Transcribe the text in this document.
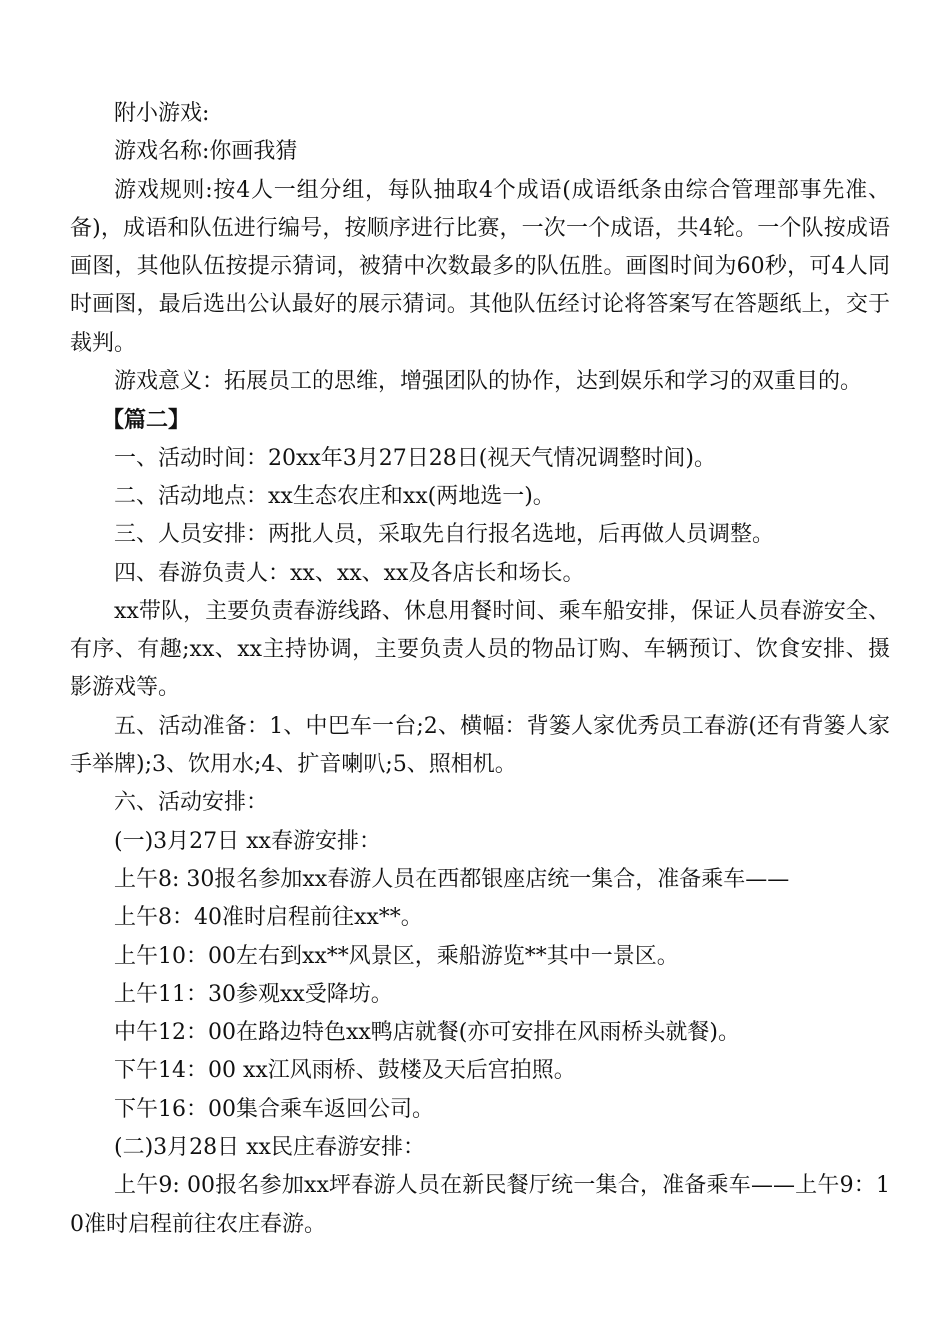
附小游戏:

游戏名称:你画我猜

游戏规则:按4人一组分组，每队抽取4个成语(成语纸条由综合管理部事先准、备)，成语和队伍进行编号，按顺序进行比赛，一次一个成语，共4轮。一个队按成语画图，其他队伍按提示猜词，被猜中次数最多的队伍胜。画图时间为60秒，可4人同时画图，最后选出公认最好的展示猜词。其他队伍经讨论将答案写在答题纸上，交于裁判。

游戏意义：拓展员工的思维，增强团队的协作，达到娱乐和学习的双重目的。

【篇二】

一、活动时间：20xx年3月27日28日(视天气情况调整时间)。

二、活动地点：xx生态农庄和xx(两地选一)。

三、人员安排：两批人员，采取先自行报名选地，后再做人员调整。

四、春游负责人：xx、xx、xx及各店长和场长。

xx带队，主要负责春游线路、休息用餐时间、乘车船安排，保证人员春游安全、有序、有趣;xx、xx主持协调，主要负责人员的物品订购、车辆预订、饮食安排、摄影游戏等。

五、活动准备：1、中巴车一台;2、横幅：背篓人家优秀员工春游(还有背篓人家手举牌);3、饮用水;4、扩音喇叭;5、照相机。

六、活动安排：

(一)3月27日 xx春游安排：

上午8: 30报名参加xx春游人员在西都银座店统一集合，准备乘车——

上午8：40准时启程前往xx**。

上午10：00左右到xx**风景区，乘船游览**其中一景区。

上午11：30参观xx受降坊。

中午12：00在路边特色xx鸭店就餐(亦可安排在风雨桥头就餐)。

下午14：00 xx江风雨桥、鼓楼及天后宫拍照。

下午16：00集合乘车返回公司。

(二)3月28日 xx民庄春游安排：

上午9: 00报名参加xx坪春游人员在新民餐厅统一集合，准备乘车——上午9：10准时启程前往农庄春游。
